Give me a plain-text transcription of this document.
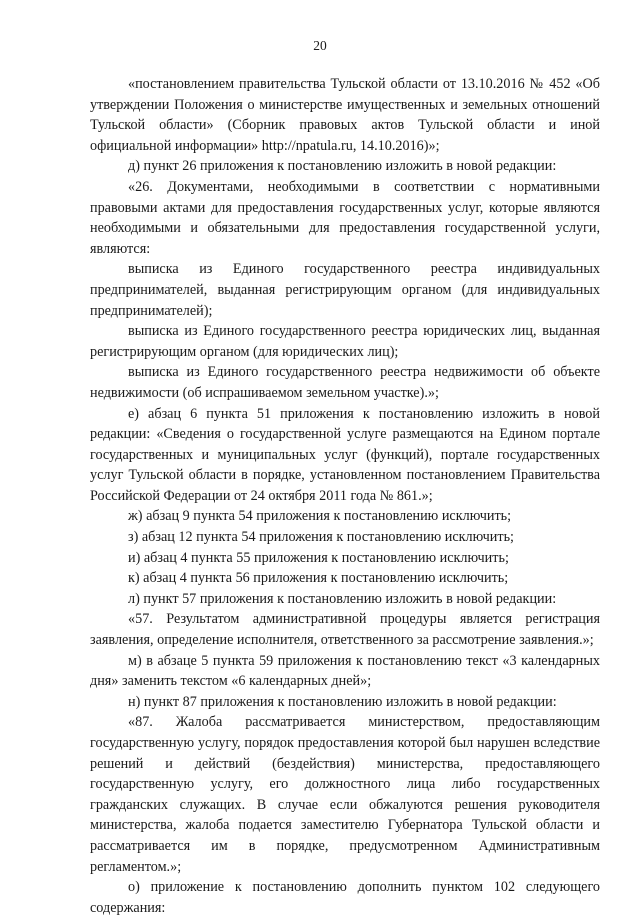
20

«постановлением правительства Тульской области от 13.10.2016 № 452 «Об утверждении Положения о министерстве имущественных и земельных отношений Тульской области» (Сборник правовых актов Тульской области и иной официальной информации» http://npatula.ru, 14.10.2016)»;

д) пункт 26 приложения к постановлению изложить в новой редакции:

«26. Документами, необходимыми в соответствии с нормативными правовыми актами для предоставления государственных услуг, которые являются необходимыми и обязательными для предоставления государственной услуги, являются:

выписка из Единого государственного реестра индивидуальных предпринимателей, выданная регистрирующим органом (для индивидуальных предпринимателей);

выписка из Единого государственного реестра юридических лиц, выданная регистрирующим органом (для юридических лиц);

выписка из Единого государственного реестра недвижимости об объекте недвижимости (об испрашиваемом земельном участке).»;

е) абзац 6 пункта 51 приложения к постановлению изложить в новой редакции: «Сведения о государственной услуге размещаются на Едином портале государственных и муниципальных услуг (функций), портале государственных услуг Тульской области в порядке, установленном постановлением Правительства Российской Федерации от 24 октября 2011 года № 861.»;

ж) абзац 9 пункта 54 приложения к постановлению исключить;

з) абзац 12 пункта 54 приложения к постановлению исключить;

и) абзац 4 пункта 55 приложения к постановлению исключить;

к) абзац 4 пункта 56 приложения к постановлению исключить;

л) пункт 57 приложения к постановлению изложить в новой редакции:

«57. Результатом административной процедуры является регистрация заявления, определение исполнителя, ответственного за рассмотрение заявления.»;

м) в абзаце 5 пункта 59 приложения к постановлению текст «3 календарных дня» заменить текстом «6 календарных дней»;

н) пункт 87 приложения к постановлению изложить в новой редакции:

«87. Жалоба рассматривается министерством, предоставляющим государственную услугу, порядок предоставления которой был нарушен вследствие решений и действий (бездействия) министерства, предоставляющего государственную услугу, его должностного лица либо государственных гражданских служащих. В случае если обжалуются решения руководителя министерства, жалоба подается заместителю Губернатора Тульской области и рассматривается им в порядке, предусмотренном Административным регламентом.»;

о) приложение к постановлению дополнить пунктом 102 следующего содержания:
